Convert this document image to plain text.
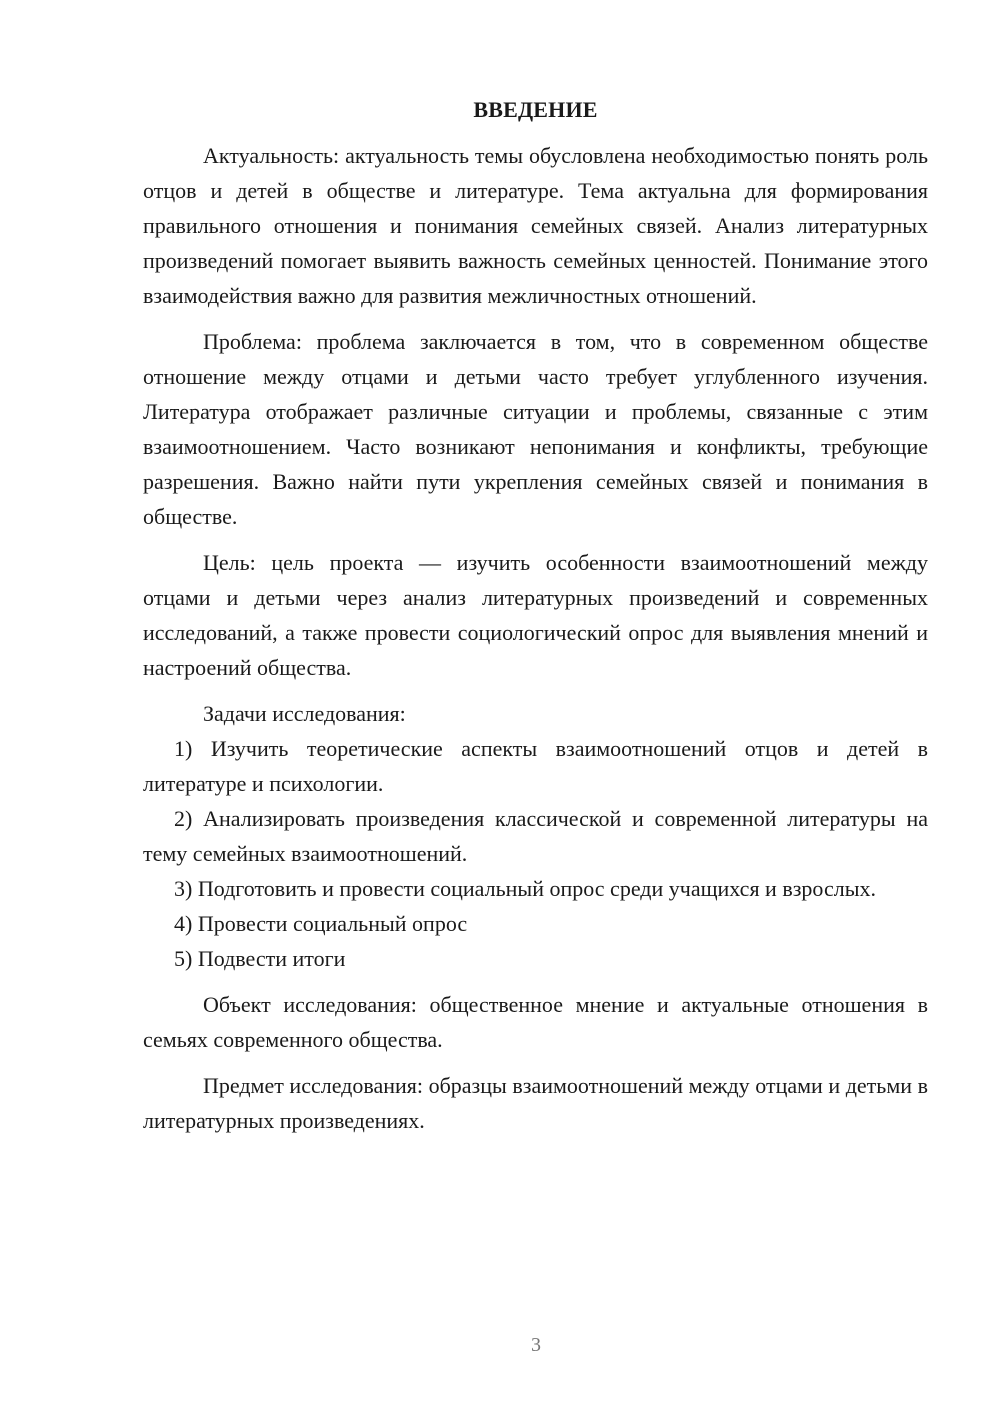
ВВЕДЕНИЕ

Актуальность: актуальность темы обусловлена необходимостью понять роль отцов и детей в обществе и литературе. Тема актуальна для формирования правильного отношения и понимания семейных связей. Анализ литературных произведений помогает выявить важность семейных ценностей. Понимание этого взаимодействия важно для развития межличностных отношений.

Проблема: проблема заключается в том, что в современном обществе отношение между отцами и детьми часто требует углубленного изучения. Литература отображает различные ситуации и проблемы, связанные с этим взаимоотношением. Часто возникают непонимания и конфликты, требующие разрешения. Важно найти пути укрепления семейных связей и понимания в обществе.

Цель: цель проекта — изучить особенности взаимоотношений между отцами и детьми через анализ литературных произведений и современных исследований, а также провести социологический опрос для выявления мнений и настроений общества.

Задачи исследования:

1) Изучить теоретические аспекты взаимоотношений отцов и детей в литературе и психологии.

2) Анализировать произведения классической и современной литературы на тему семейных взаимоотношений.

3) Подготовить и провести социальный опрос среди учащихся и взрослых.

4) Провести социальный опрос

5) Подвести итоги

Объект исследования: общественное мнение и актуальные отношения в семьях современного общества.

Предмет исследования: образцы взаимоотношений между отцами и детьми в литературных произведениях.

3
